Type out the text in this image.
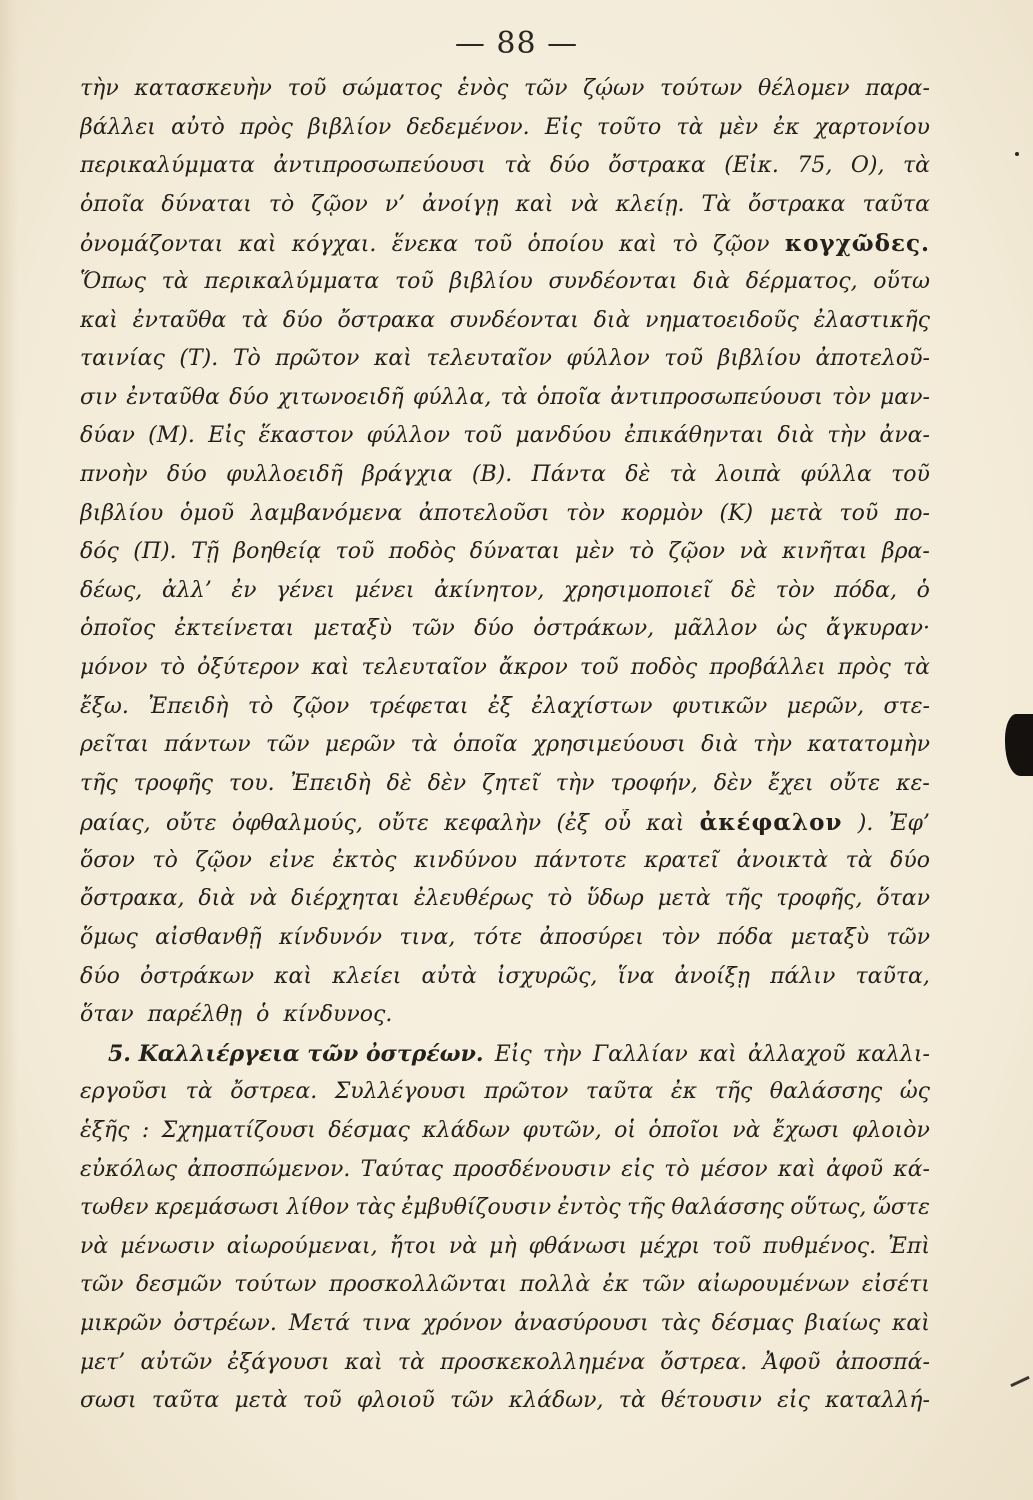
— 88 —
τὴν κατασκευὴν τοῦ σώματος ἑνὸς τῶν ζῴων τούτων θέλομεν παρα-
βάλλει αὐτὸ πρὸς βιβλίον δεδεμένον. Εἰς τοῦτο τὰ μὲν ἐκ χαρτονίου
περικαλύμματα ἀντιπροσωπεύουσι τὰ δύο ὄστρακα (Εἰκ. 75, Ο), τὰ
ὁποῖα δύναται τὸ ζῷον ν’ ἀνοίγῃ καὶ νὰ κλείῃ. Τὰ ὄστρακα ταῦτα
ὀνομάζονται καὶ κόγχαι. ἕνεκα τοῦ ὁποίου καὶ τὸ ζῷον κογχῶδες.
Ὅπως τὰ περικαλύμματα τοῦ βιβλίου συνδέονται διὰ δέρματος, οὕτω
καὶ ἐνταῦθα τὰ δύο ὄστρακα συνδέονται διὰ νηματοειδοῦς ἐλαστικῆς
ταινίας (Τ). Τὸ πρῶτον καὶ τελευταῖον φύλλον τοῦ βιβλίου ἀποτελοῦ-
σιν ἐνταῦθα δύο χιτωνοειδῆ φύλλα, τὰ ὁποῖα ἀντιπροσωπεύουσι τὸν μαν-
δύαν (Μ). Εἰς ἕκαστον φύλλον τοῦ μανδύου ἐπικάθηνται διὰ τὴν ἀνα-
πνοὴν δύο φυλλοειδῆ βράγχια (Β). Πάντα δὲ τὰ λοιπὰ φύλλα τοῦ
βιβλίου ὁμοῦ λαμβανόμενα ἀποτελοῦσι τὸν κορμὸν (Κ) μετὰ τοῦ πο-
δός (Π). Τῇ βοηθείᾳ τοῦ ποδὸς δύναται μὲν τὸ ζῷον νὰ κινῆται βρα-
δέως, ἀλλ’ ἐν γένει μένει ἀκίνητον, χρησιμοποιεῖ δὲ τὸν πόδα, ὁ
ὁποῖος ἐκτείνεται μεταξὺ τῶν δύο ὀστράκων, μᾶλλον ὡς ἄγκυραν·
μόνον τὸ ὀξύτερον καὶ τελευταῖον ἄκρον τοῦ ποδὸς προβάλλει πρὸς τὰ
ἔξω. Ἐπειδὴ τὸ ζῷον τρέφεται ἐξ ἐλαχίστων φυτικῶν μερῶν, στε-
ρεῖται πάντων τῶν μερῶν τὰ ὁποῖα χρησιμεύουσι διὰ τὴν κατατομὴν
τῆς τροφῆς του. Ἐπειδὴ δὲ δὲν ζητεῖ τὴν τροφήν, δὲν ἔχει οὔτε κε-
ραίας, οὔτε ὀφθαλμούς, οὔτε κεφαλὴν (ἐξ οὗ καὶ ἀκέφαλον ). Ἐφ’
ὅσον τὸ ζῷον εἶνε ἐκτὸς κινδύνου πάντοτε κρατεῖ ἀνοικτὰ τὰ δύο
ὄστρακα, διὰ νὰ διέρχηται ἐλευθέρως τὸ ὕδωρ μετὰ τῆς τροφῆς, ὅταν
ὅμως αἰσθανθῇ κίνδυνόν τινα, τότε ἀποσύρει τὸν πόδα μεταξὺ τῶν
δύο ὀστράκων καὶ κλείει αὐτὰ ἰσχυρῶς, ἵνα ἀνοίξῃ πάλιν ταῦτα,
ὅταν παρέλθῃ ὁ κίνδυνος.
5. Καλλιέργεια τῶν ὀστρέων. Εἰς τὴν Γαλλίαν καὶ ἀλλαχοῦ καλλι-
εργοῦσι τὰ ὄστρεα. Συλλέγουσι πρῶτον ταῦτα ἐκ τῆς θαλάσσης ὡς
ἑξῆς : Σχηματίζουσι δέσμας κλάδων φυτῶν, οἱ ὁποῖοι νὰ ἔχωσι φλοιὸν
εὐκόλως ἀποσπώμενον. Ταύτας προσδένουσιν εἰς τὸ μέσον καὶ ἀφοῦ κά-
τωθεν κρεμάσωσι λίθον τὰς ἐμβυθίζουσιν ἐντὸς τῆς θαλάσσης οὕτως, ὥστε
νὰ μένωσιν αἰωρούμεναι, ἤτοι νὰ μὴ φθάνωσι μέχρι τοῦ πυθμένος. Ἐπὶ
τῶν δεσμῶν τούτων προσκολλῶνται πολλὰ ἐκ τῶν αἰωρουμένων εἰσέτι
μικρῶν ὀστρέων. Μετά τινα χρόνον ἀνασύρουσι τὰς δέσμας βιαίως καὶ
μετ’ αὐτῶν ἐξάγουσι καὶ τὰ προσκεκολλημένα ὄστρεα. Ἀφοῦ ἀποσπά-
σωσι ταῦτα μετὰ τοῦ φλοιοῦ τῶν κλάδων, τὰ θέτουσιν εἰς καταλλή-
